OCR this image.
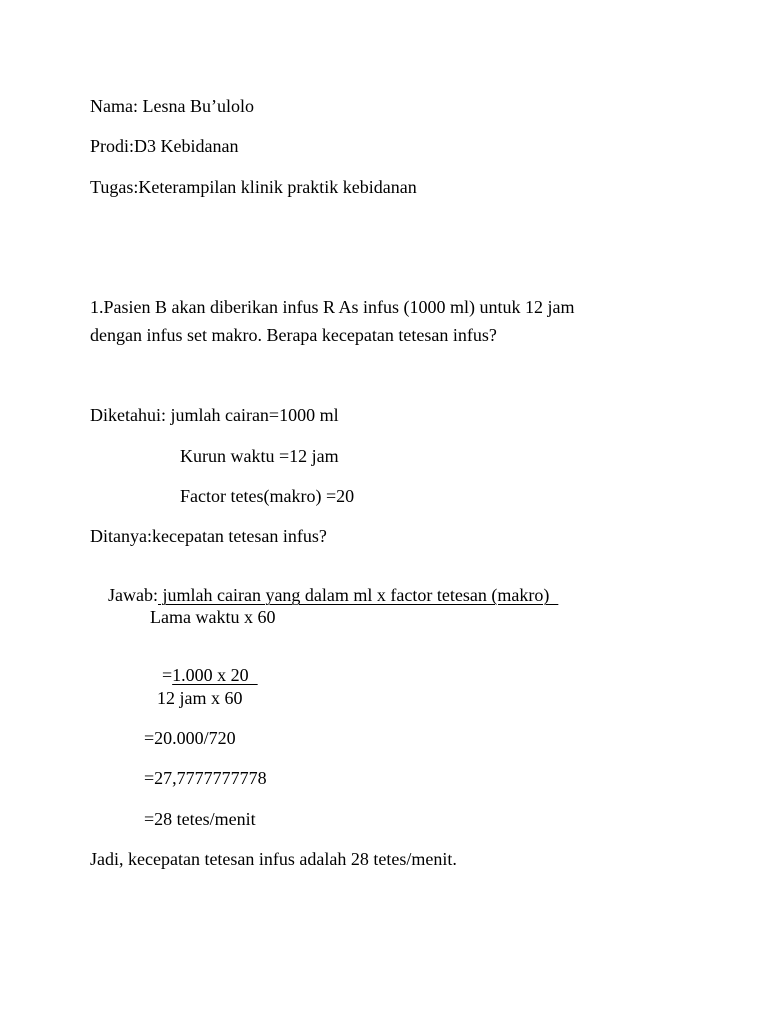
Nama: Lesna Bu’ulolo
Prodi:D3 Kebidanan
Tugas:Keterampilan klinik praktik kebidanan
1.Pasien B akan diberikan infus R As infus (1000 ml) untuk 12 jam
dengan infus set makro. Berapa kecepatan tetesan infus?
Diketahui: jumlah cairan=1000 ml
Kurun waktu =12 jam
Factor tetes(makro) =20
Ditanya:kecepatan tetesan infus?

Jawab: jumlah cairan yang dalam ml x factor tetesan (makro)

Lama waktu x 60

=1.000 x 20

12 jam x 60
=20.000/720
=27,7777777778
=28 tetes/menit
Jadi, kecepatan tetesan infus adalah 28 tetes/menit.
